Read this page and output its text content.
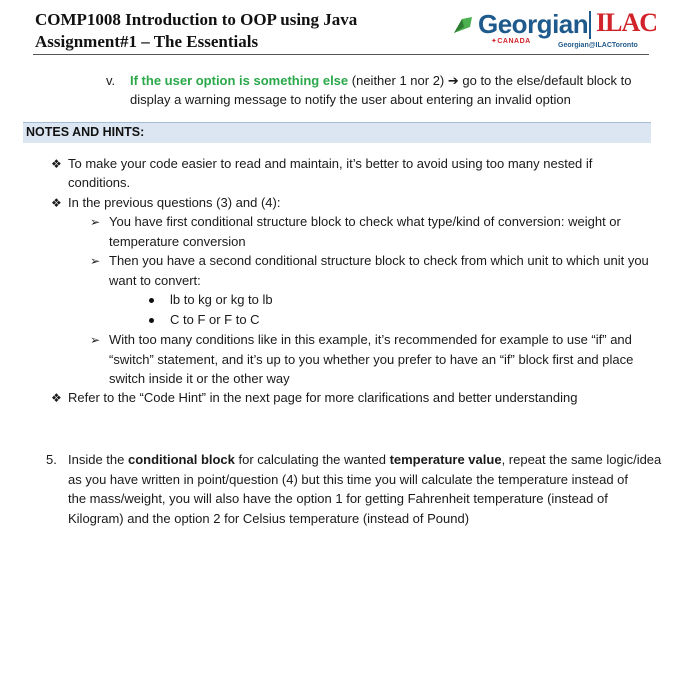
COMP1008 Introduction to OOP using Java
Assignment#1 – The Essentials
Georgian
✦CANADA
ILAC
Georgian@ILACToronto
v. If the user option is something else (neither 1 nor 2) ➔ go to the else/default block to
display a warning message to notify the user about entering an invalid option
NOTES AND HINTS:
❖ To make your code easier to read and maintain, it’s better to avoid using too many nested if
conditions.
❖ In the previous questions (3) and (4):
➢ You have first conditional structure block to check what type/kind of conversion: weight or
temperature conversion
➢ Then you have a second conditional structure block to check from which unit to which unit you
want to convert:
lb to kg or kg to lb
C to F or F to C
➢ With too many conditions like in this example, it’s recommended for example to use “if” and
“switch” statement, and it’s up to you whether you prefer to have an “if” block first and place
switch inside it or the other way
❖ Refer to the “Code Hint” in the next page for more clarifications and better understanding
5. Inside the conditional block for calculating the wanted temperature value, repeat the same logic/idea
as you have written in point/question (4) but this time you will calculate the temperature instead of
the mass/weight, you will also have the option 1 for getting Fahrenheit temperature (instead of
Kilogram) and the option 2 for Celsius temperature (instead of Pound)
